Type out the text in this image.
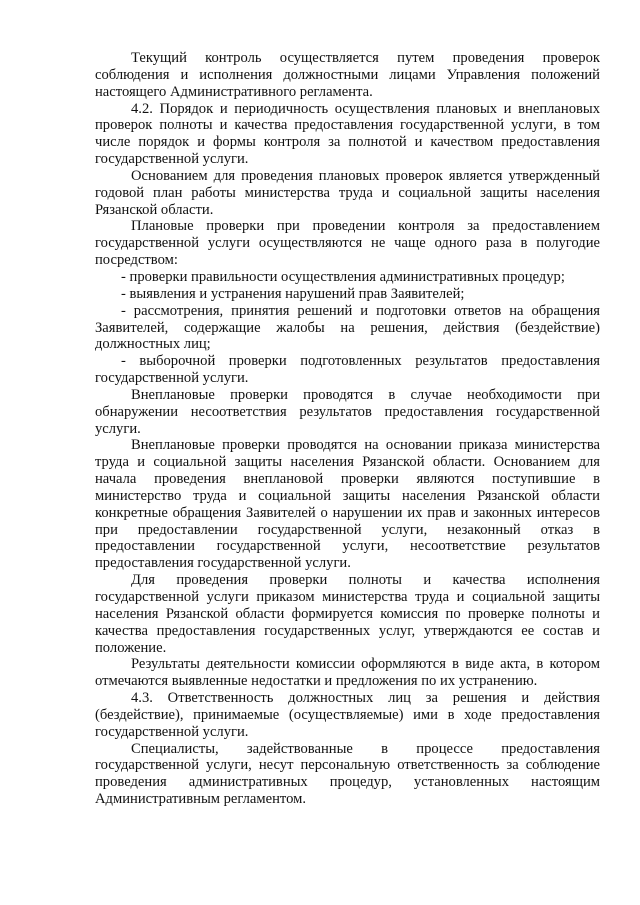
Текущий контроль осуществляется путем проведения проверок соблюдения и исполнения должностными лицами Управления положений настоящего Административного регламента.

4.2. Порядок и периодичность осуществления плановых и внеплановых проверок полноты и качества предоставления государственной услуги, в том числе порядок и формы контроля за полнотой и качеством предоставления государственной услуги.

Основанием для проведения плановых проверок является утвержденный годовой план работы министерства труда и социальной защиты населения Рязанской области.

Плановые проверки при проведении контроля за предоставлением государственной услуги осуществляются не чаще одного раза в полугодие посредством:

- проверки правильности осуществления административных процедур;

- выявления и устранения нарушений прав Заявителей;

- рассмотрения, принятия решений и подготовки ответов на обращения Заявителей, содержащие жалобы на решения, действия (бездействие) должностных лиц;

- выборочной проверки подготовленных результатов предоставления государственной услуги.

Внеплановые проверки проводятся в случае необходимости при обнаружении несоответствия результатов предоставления государственной услуги.

Внеплановые проверки проводятся на основании приказа министерства труда и социальной защиты населения Рязанской области. Основанием для начала проведения внеплановой проверки являются поступившие в министерство труда и социальной защиты населения Рязанской области конкретные обращения Заявителей о нарушении их прав и законных интересов при предоставлении государственной услуги, незаконный отказ в предоставлении государственной услуги, несоответствие результатов предоставления государственной услуги.

Для проведения проверки полноты и качества исполнения государственной услуги приказом министерства труда и социальной защиты населения Рязанской области формируется комиссия по проверке полноты и качества предоставления государственных услуг, утверждаются ее состав и положение.

Результаты деятельности комиссии оформляются в виде акта, в котором отмечаются выявленные недостатки и предложения по их устранению.

4.3. Ответственность должностных лиц за решения и действия (бездействие), принимаемые (осуществляемые) ими в ходе предоставления государственной услуги.

Специалисты, задействованные в процессе предоставления государственной услуги, несут персональную ответственность за соблюдение проведения административных процедур, установленных настоящим Административным регламентом.
